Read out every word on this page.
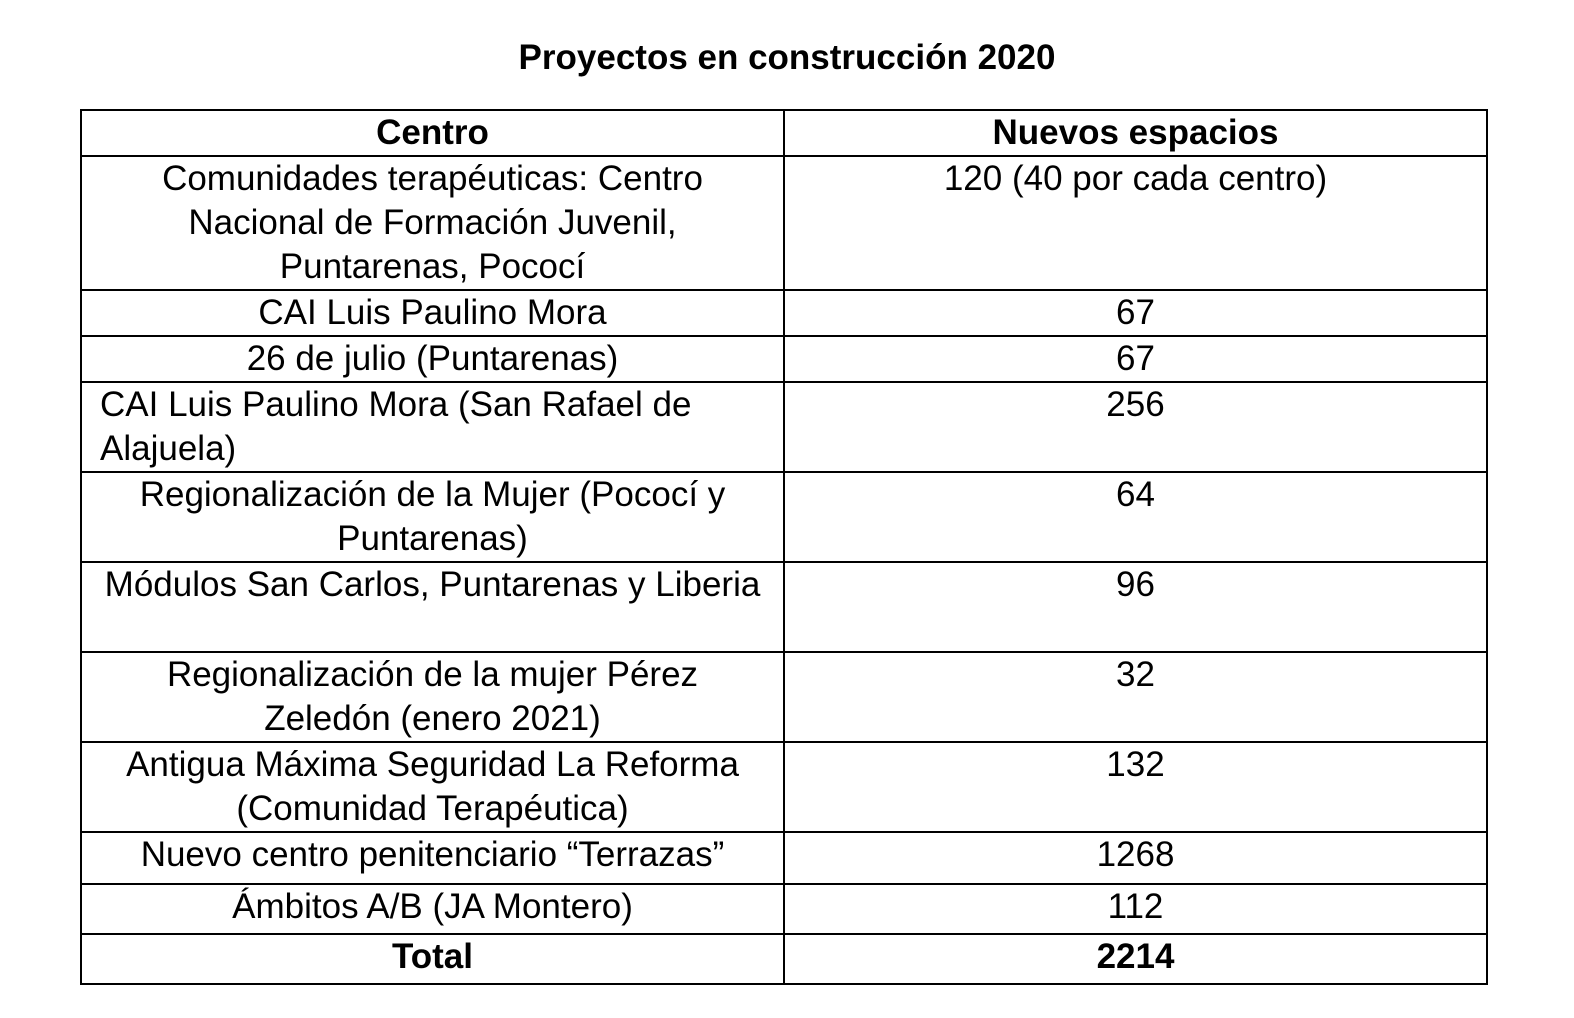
Proyectos en construcción 2020
Centro	Nuevos espacios
Comunidades terapéuticas: Centro Nacional de Formación Juvenil, Puntarenas, Pococí	120 (40 por cada centro)
CAI Luis Paulino Mora	67
26 de julio (Puntarenas)	67
CAI Luis Paulino Mora (San Rafael de Alajuela)	256
Regionalización de la Mujer (Pococí y Puntarenas)	64
Módulos San Carlos, Puntarenas y Liberia	96
Regionalización de la mujer Pérez Zeledón (enero 2021)	32
Antigua Máxima Seguridad La Reforma (Comunidad Terapéutica)	132
Nuevo centro penitenciario “Terrazas”	1268
Ámbitos A/B (JA Montero)	112
Total	2214
